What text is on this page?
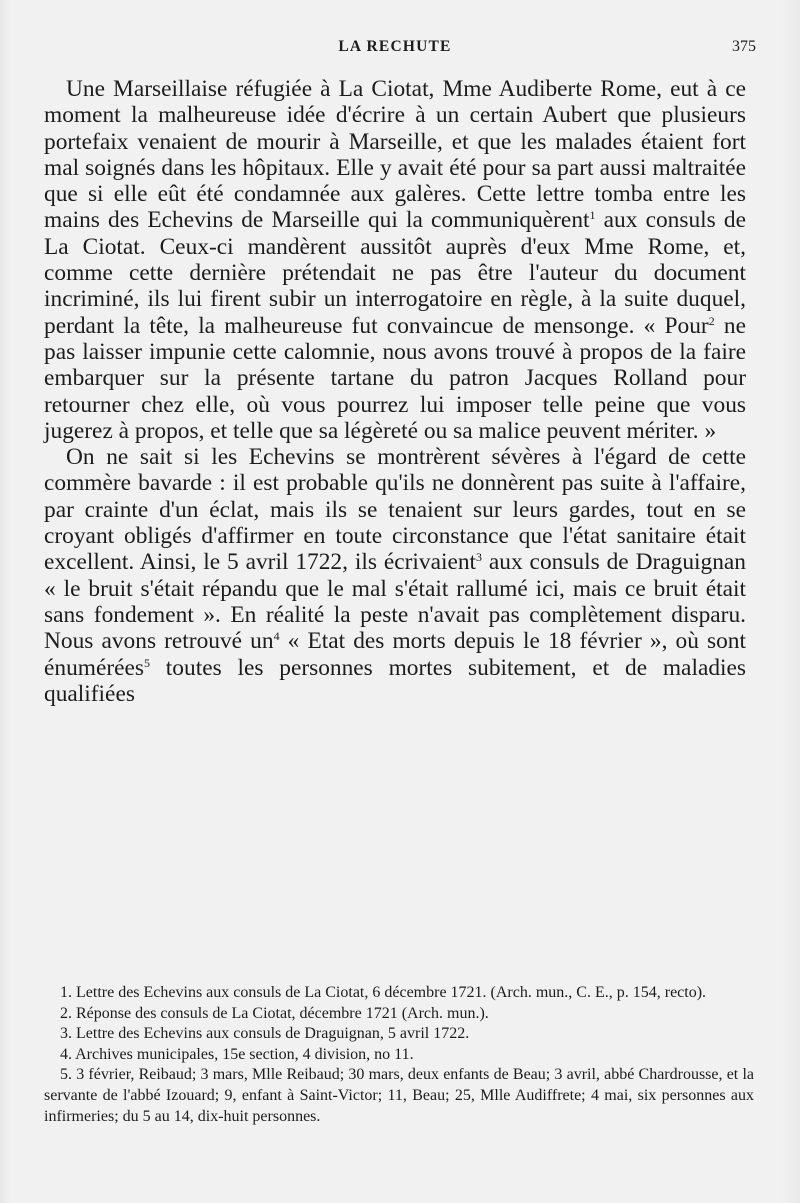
LA RECHUTE	375

Une Marseillaise réfugiée à La Ciotat, Mme Audiberte Rome, eut à ce moment la malheureuse idée d'écrire à un certain Aubert que plusieurs portefaix venaient de mourir à Marseille, et que les malades étaient fort mal soignés dans les hôpitaux. Elle y avait été pour sa part aussi maltraitée que si elle eût été condamnée aux galères. Cette lettre tomba entre les mains des Echevins de Marseille qui la communiquèrent$^1$ aux consuls de La Ciotat. Ceux-ci mandèrent aussitôt auprès d'eux Mme Rome, et, comme cette dernière prétendait ne pas être l'auteur du document incriminé, ils lui firent subir un interrogatoire en règle, à la suite duquel, perdant la tête, la malheureuse fut convaincue de mensonge. « Pour$^2$ ne pas laisser impunie cette calomnie, nous avons trouvé à propos de la faire embarquer sur la présente tartane du patron Jacques Rolland pour retourner chez elle, où vous pourrez lui imposer telle peine que vous jugerez à propos, et telle que sa légèreté ou sa malice peuvent mériter. »

On ne sait si les Echevins se montrèrent sévères à l'égard de cette commère bavarde : il est probable qu'ils ne donnèrent pas suite à l'affaire, par crainte d'un éclat, mais ils se tenaient sur leurs gardes, tout en se croyant obligés d'affirmer en toute circonstance que l'état sanitaire était excellent. Ainsi, le 5 avril 1722, ils écrivaient$^3$ aux consuls de Draguignan « le bruit s'était répandu que le mal s'était rallumé ici, mais ce bruit était sans fondement ». En réalité la peste n'avait pas complètement disparu. Nous avons retrouvé $un^4$ « Etat des morts depuis le 18 février », où sont énumérées$^5$ toutes les personnes mortes subitement, et de maladies qualifiées

1. Lettre des Echevins aux consuls de La Ciotat, 6 décembre 1721. (Arch. mun., C. E., p. 154, recto).

2. Réponse des consuls de La Ciotat, décembre 1721 (Arch. mun.).

3. Lettre des Echevins aux consuls de Draguignan, 5 avril 1722.

4. Archives municipales, 15e section, 4 division, no 11.

5. 3 février, Reibaud; 3 mars, Mlle Reibaud; 30 mars, deux enfants de Beau; 3 avril, abbé Chardrousse, et la servante de l'abbé Izouard; 9, enfant à Saint-Victor; 11, Beau; 25, Mlle Audiffrete; 4 mai, six personnes aux infirmeries; du 5 au 14, dix-huit personnes.
